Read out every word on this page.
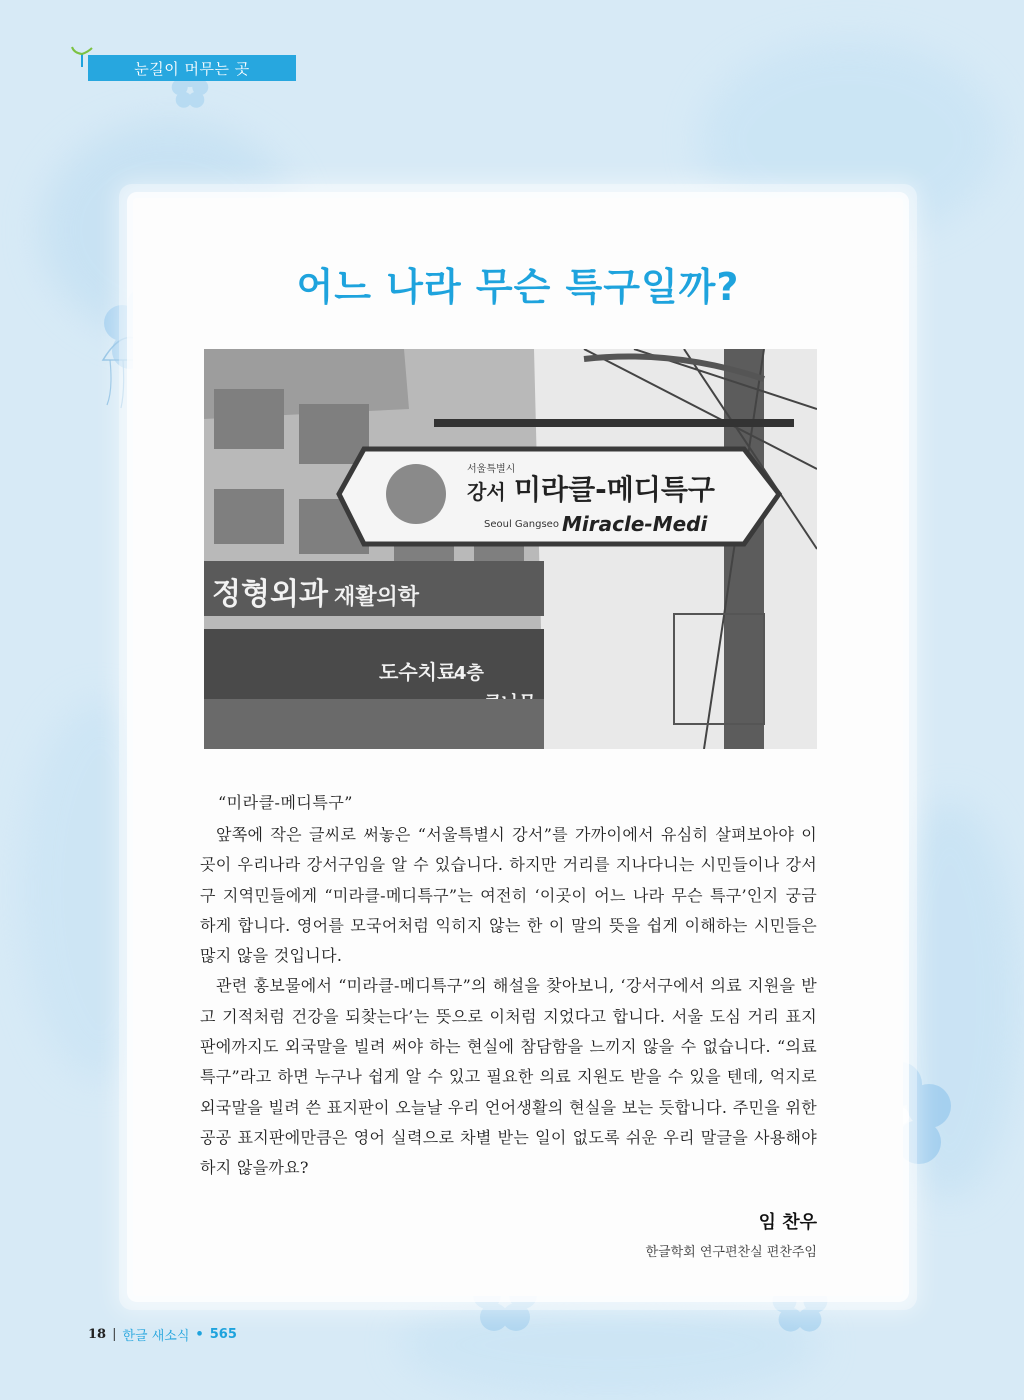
눈길이 머무는 곳
어느 나라 무슨 특구일까?
정형외과 재활의학
도수치료
4층
서울특별시
강서 미라클-메디특구
Seoul Gangseo Miracle-Medi

“미라클-메디특구”

앞쪽에 작은 글씨로 써놓은 “서울특별시 강서”를 가까이에서 유심히 살펴보아야 이곳이 우리나라 강서구임을 알 수 있습니다. 하지만 거리를 지나다니는 시민들이나 강서구 지역민들에게 “미라클-메디특구”는 여전히 ‘이곳이 어느 나라 무슨 특구’인지 궁금하게 합니다. 영어를 모국어처럼 익히지 않는 한 이 말의 뜻을 쉽게 이해하는 시민들은 많지 않을 것입니다.

관련 홍보물에서 “미라클-메디특구”의 해설을 찾아보니, ‘강서구에서 의료 지원을 받고 기적처럼 건강을 되찾는다’는 뜻으로 이처럼 지었다고 합니다. 서울 도심 거리 표지판에까지도 외국말을 빌려 써야 하는 현실에 참담함을 느끼지 않을 수 없습니다. “의료 특구”라고 하면 누구나 쉽게 알 수 있고 필요한 의료 지원도 받을 수 있을 텐데, 억지로 외국말을 빌려 쓴 표지판이 오늘날 우리 언어생활의 현실을 보는 듯합니다. 주민을 위한 공공 표지판에만큼은 영어 실력으로 차별 받는 일이 없도록 쉬운 우리 말글을 사용해야 하지 않을까요?

임 찬우

한글학회 연구편찬실 편찬주임

18 | 한글 새소식 • 565
